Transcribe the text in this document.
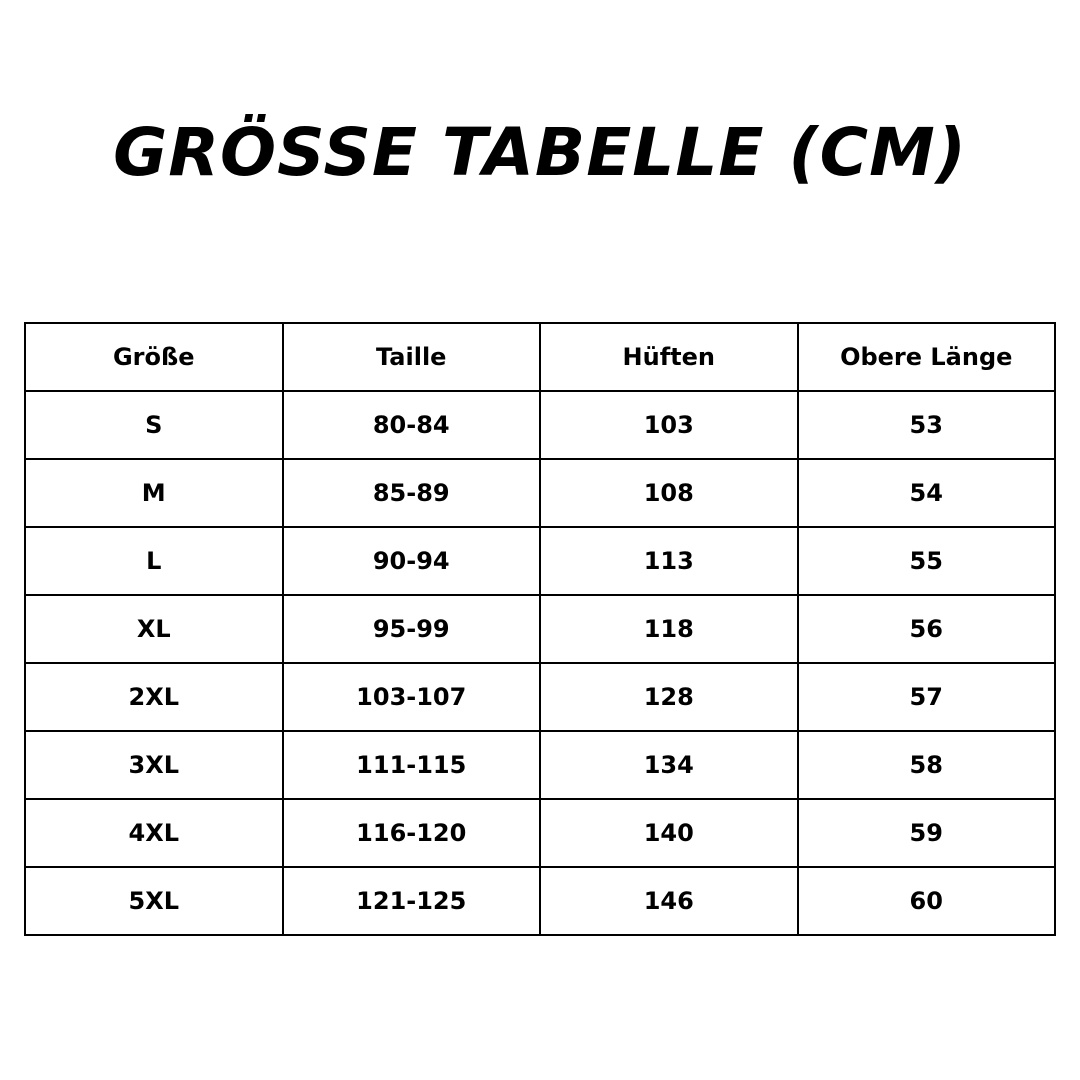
GRÖSSE TABELLE (CM)
Größe	Taille	Hüften	Obere Länge
S	80-84	103	53
M	85-89	108	54
L	90-94	113	55
XL	95-99	118	56
2XL	103-107	128	57
3XL	111-115	134	58
4XL	116-120	140	59
5XL	121-125	146	60
